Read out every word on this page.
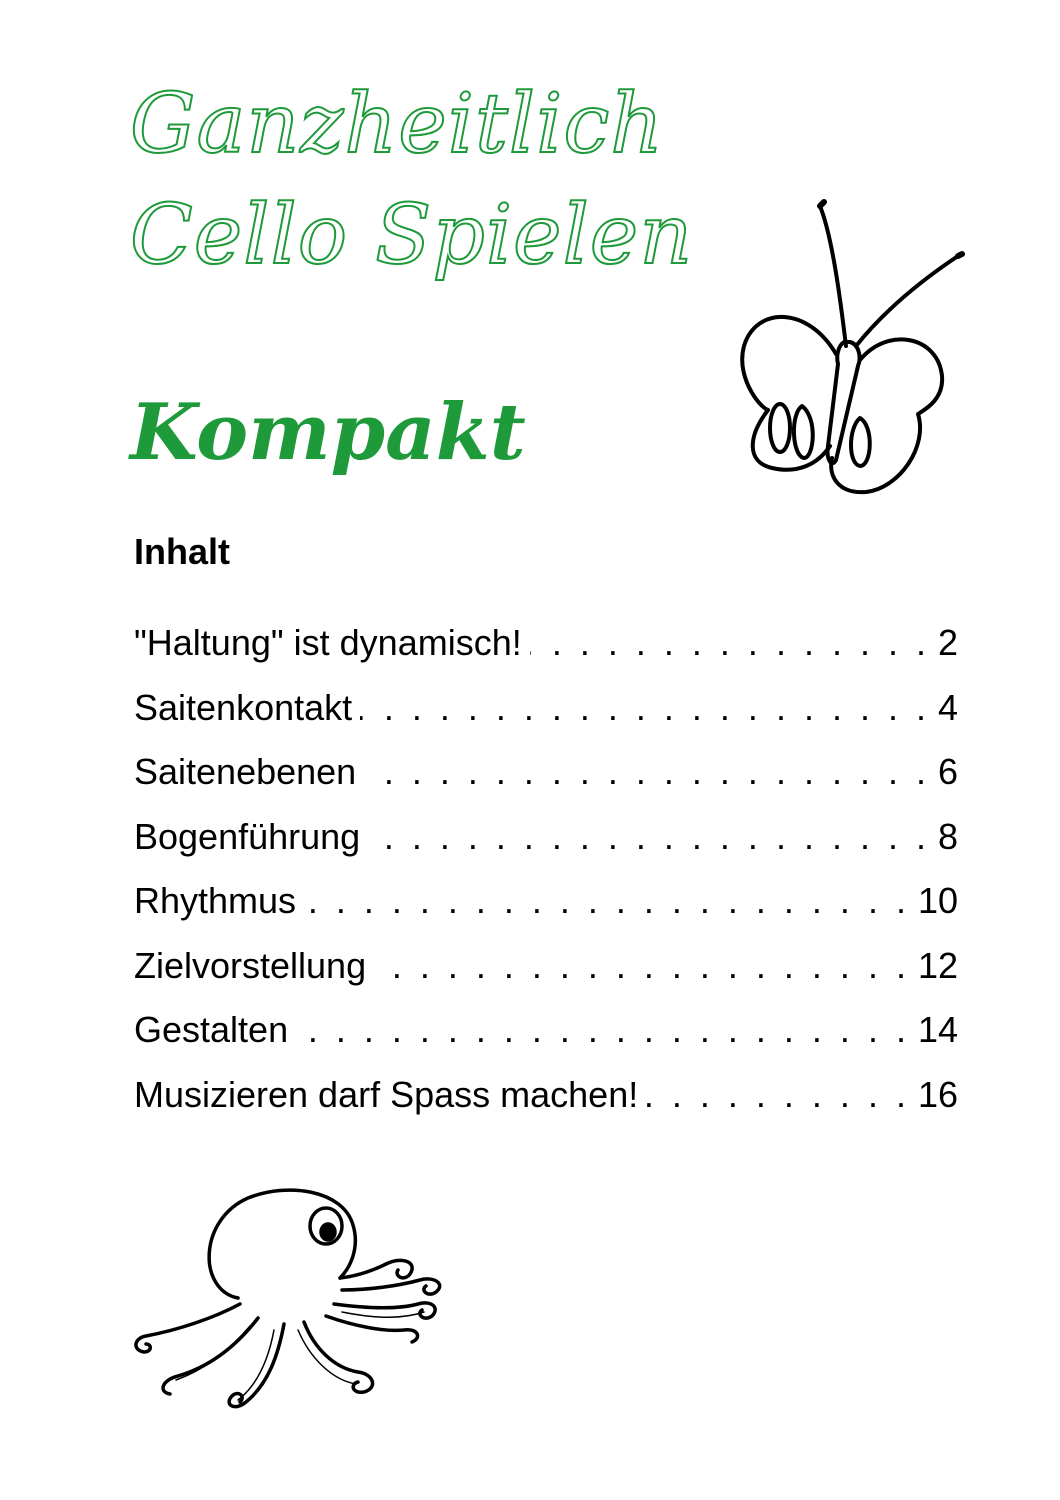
Ganzheitlich
Cello Spielen
Kompakt
Inhalt
"Haltung" ist dynamisch! . . .	2
Saitenkontakt . . .	4
Saitenebenen . . .	6
Bogenführung . . .	8
Rhythmus . . .	10
Zielvorstellung . . .	12
Gestalten . . .	14
Musizieren darf Spass machen! . . .	16
